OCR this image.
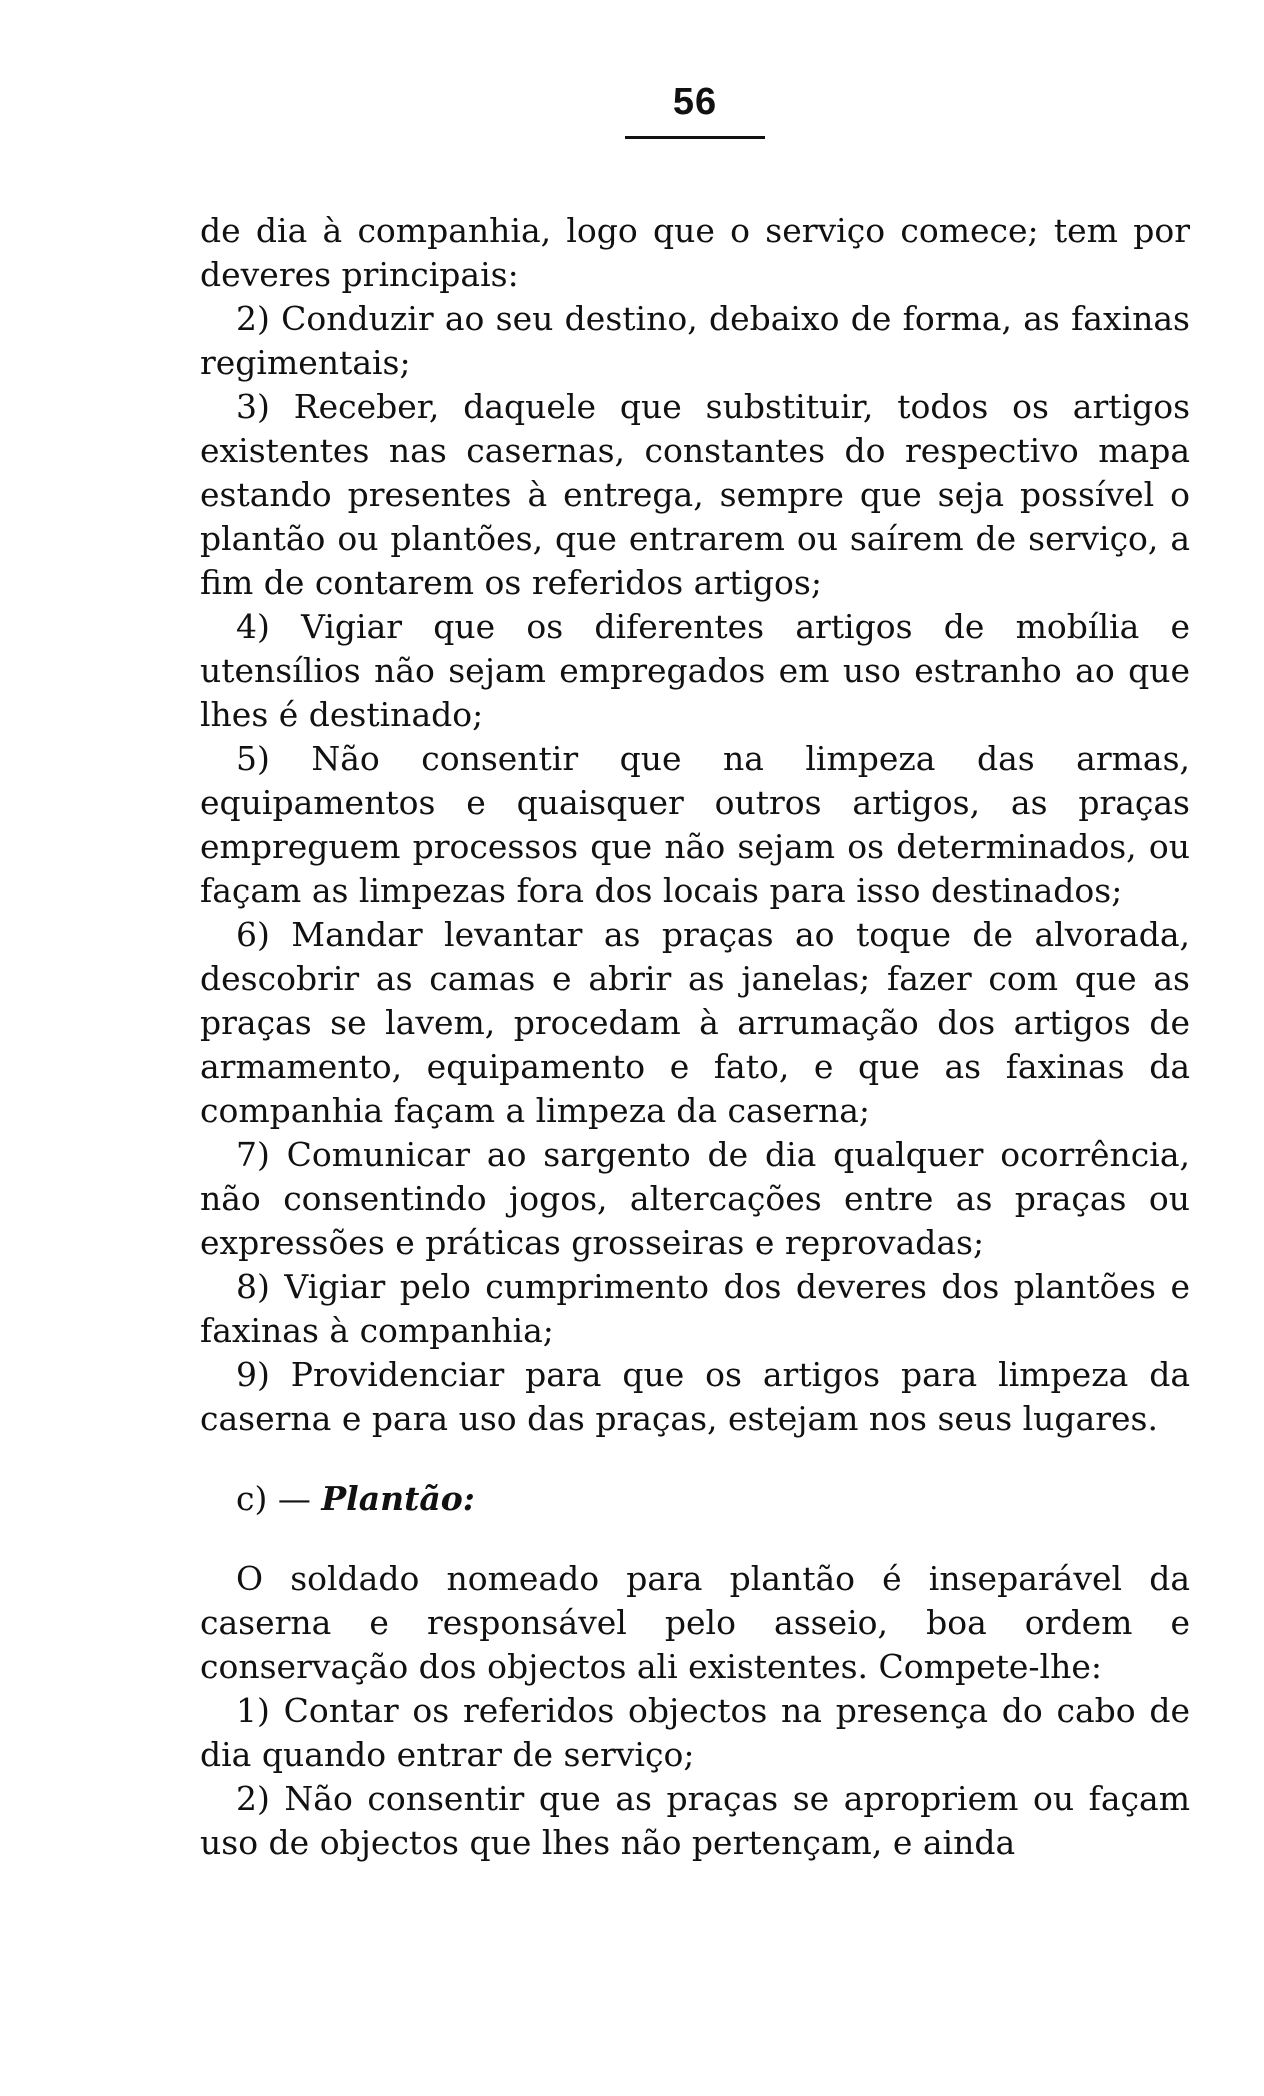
56

de dia à companhia, logo que o serviço comece; tem por deveres principais:

2) Conduzir ao seu destino, debaixo de forma, as faxinas regimentais;

3) Receber, daquele que substituir, todos os artigos existentes nas casernas, constantes do respectivo mapa estando presentes à entrega, sempre que seja possível o plantão ou plantões, que entrarem ou saírem de serviço, a fim de contarem os referidos artigos;

4) Vigiar que os diferentes artigos de mobília e utensílios não sejam empregados em uso estranho ao que lhes é destinado;

5) Não consentir que na limpeza das armas, equipamentos e quaisquer outros artigos, as praças empreguem processos que não sejam os determinados, ou façam as limpezas fora dos locais para isso destinados;

6) Mandar levantar as praças ao toque de alvorada, descobrir as camas e abrir as janelas; fazer com que as praças se lavem, procedam à arrumação dos artigos de armamento, equipamento e fato, e que as faxinas da companhia façam a limpeza da caserna;

7) Comunicar ao sargento de dia qualquer ocorrência, não consentindo jogos, altercações entre as praças ou expressões e práticas grosseiras e reprovadas;

8) Vigiar pelo cumprimento dos deveres dos plantões e faxinas à companhia;

9) Providenciar para que os artigos para limpeza da caserna e para uso das praças, estejam nos seus lugares.

c) — Plantão:

O soldado nomeado para plantão é inseparável da caserna e responsável pelo asseio, boa ordem e conservação dos objectos ali existentes. Compete-lhe:

1) Contar os referidos objectos na presença do cabo de dia quando entrar de serviço;

2) Não consentir que as praças se apropriem ou façam uso de objectos que lhes não pertençam, e ainda
